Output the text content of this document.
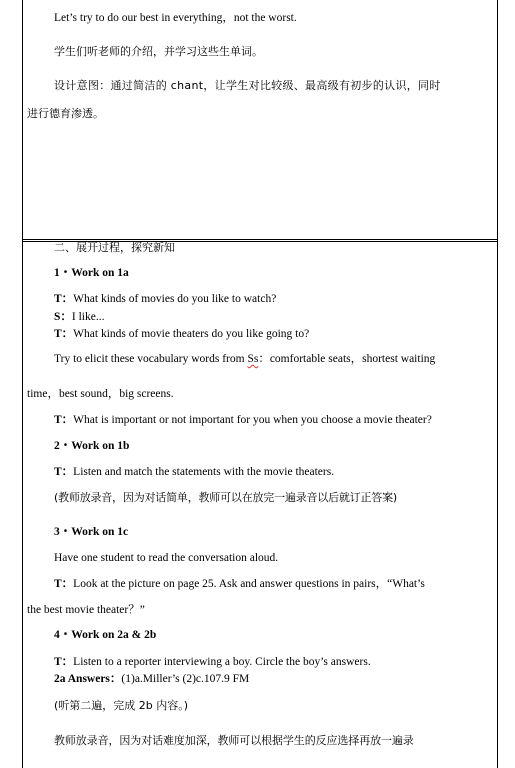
Let’s try to do our best in everything，not the worst.
学生们听老师的介绍，并学习这些生单词。
设计意图：通过简洁的 chant，让学生对比较级、最高级有初步的认识，同时
进行德育渗透。
二、展开过程，探究新知
1・Work on 1a
T：What kinds of movies do you like to watch?
S：I like...
T：What kinds of movie theaters do you like going to?
Try to elicit these vocabulary words from Ss：comfortable seats，shortest waiting
time，best sound，big screens.
T：What is important or not important for you when you choose a movie theater?
2・Work on 1b
T：Listen and match the statements with the movie theaters.
(教师放录音，因为对话简单，教师可以在放完一遍录音以后就订正答案)
3・Work on 1c
Have one student to read the conversation aloud.
T：Look at the picture on page 25. Ask and answer questions in pairs，“What’s
the best movie theater？”
4・Work on 2a & 2b
T：Listen to a reporter interviewing a boy. Circle the boy’s answers.
2a Answers：(1)a.Miller’s (2)c.107.9 FM
(听第二遍，完成 2b 内容。)
教师放录音，因为对话难度加深，教师可以根据学生的反应选择再放一遍录
